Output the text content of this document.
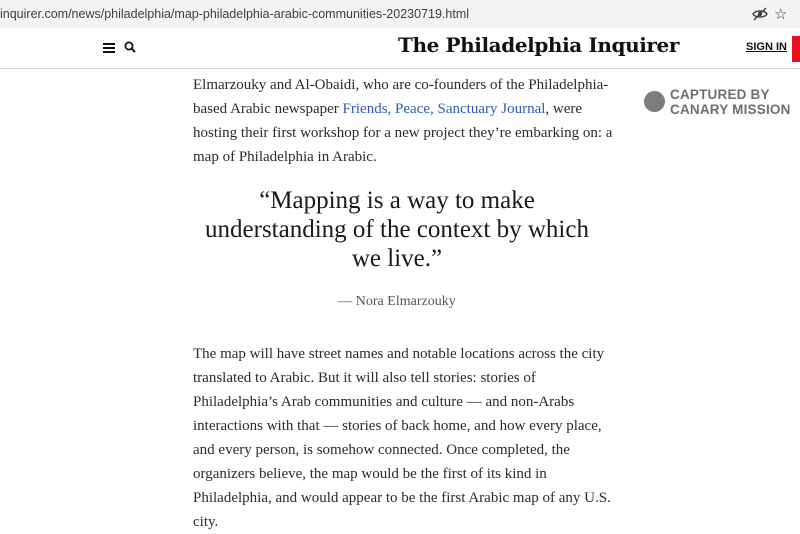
inquirer.com/news/philadelphia/map-philadelphia-arabic-communities-20230719.html	☆
The Philadelphia Inquirer	SIGN IN
CAPTURED BY
CANARY MISSION

Elmarzouky and Al-Obaidi, who are co-founders of the Philadelphia-based Arabic newspaper Friends, Peace, Sanctuary Journal, were hosting their first workshop for a new project they’re embarking on: a map of Philadelphia in Arabic.

“Mapping is a way to make understanding of the context by which we live.”

— Nora Elmarzouky

The map will have street names and notable locations across the city translated to Arabic. But it will also tell stories: stories of Philadelphia’s Arab communities and culture — and non-Arabs interactions with that — stories of back home, and how every place, and every person, is somehow connected. Once completed, the organizers believe, the map would be the first of its kind in Philadelphia, and would appear to be the first Arabic map of any U.S. city.
